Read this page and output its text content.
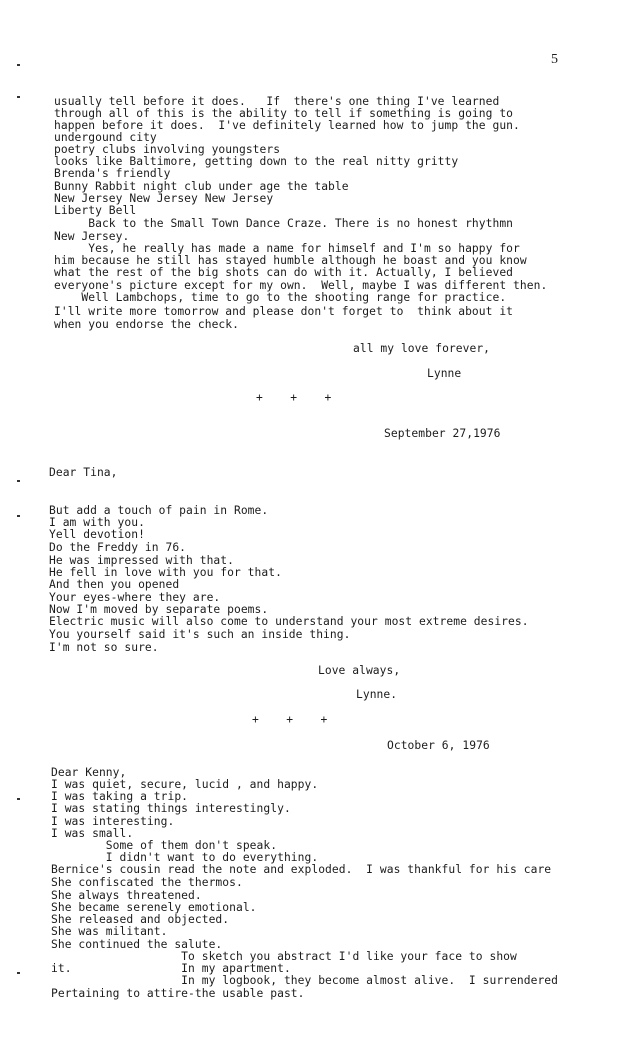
5
usually tell before it does.   If  there's one thing I've learned
through all of this is the ability to tell if something is going to
happen before it does.  I've definitely learned how to jump the gun.
undergound city
poetry clubs involving youngsters
looks like Baltimore, getting down to the real nitty gritty
Brenda's friendly
Bunny Rabbit night club under age the table
New Jersey New Jersey New Jersey
Liberty Bell
Back to the Small Town Dance Craze. There is no honest rhythmn
New Jersey.
Yes, he really has made a name for himself and I'm so happy for
him because he still has stayed humble although he boast and you know
what the rest of the big shots can do with it. Actually, I believed
everyone's picture except for my own.  Well, maybe I was different then.
Well Lambchops, time to go to the shooting range for practice.
I'll write more tomorrow and please don't forget to  think about it
when you endorse the check.
all my love forever,
Lynne
+    +    +
September 27,1976
Dear Tina,
But add a touch of pain in Rome.
I am with you.
Yell devotion!
Do the Freddy in 76.
He was impressed with that.
He fell in love with you for that.
And then you opened
Your eyes-where they are.
Now I'm moved by separate poems.
Electric music will also come to understand your most extreme desires.
You yourself said it's such an inside thing.
I'm not so sure.
Love always,
Lynne.
+    +    +
October 6, 1976
Dear Kenny,
I was quiet, secure, lucid , and happy.
I was taking a trip.
I was stating things interestingly.
I was interesting.
I was small.
Some of them don't speak.
I didn't want to do everything.
Bernice's cousin read the note and exploded.  I was thankful for his care
She confiscated the thermos.
She always threatened.
She became serenely emotional.
She released and objected.
She was militant.
She continued the salute.
To sketch you abstract I'd like your face to show
it.                In my apartment.
In my logbook, they become almost alive.  I surrendered
Pertaining to attire-the usable past.
